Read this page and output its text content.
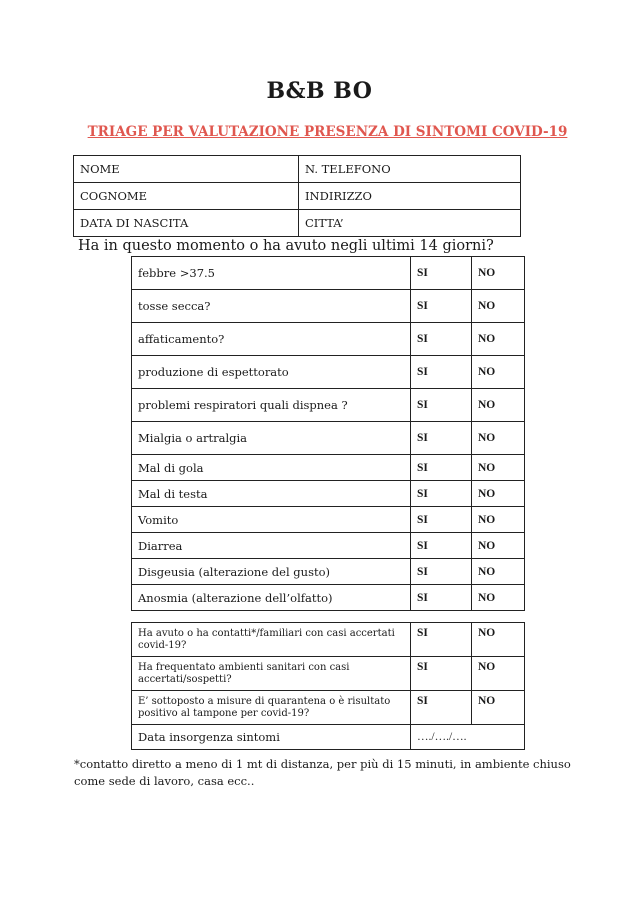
B&B BO
TRIAGE PER VALUTAZIONE PRESENZA DI SINTOMI COVID-19
NOME	N. TELEFONO
COGNOME	INDIRIZZO
DATA DI NASCITA	CITTA’
Ha in questo momento o ha avuto negli ultimi 14 giorni?
febbre >37.5	SI	NO
tosse secca?	SI	NO
affaticamento?	SI	NO
produzione di espettorato	SI	NO
problemi respiratori quali dispnea ?	SI	NO
Mialgia o artralgia	SI	NO
Mal di gola	SI	NO
Mal di testa	SI	NO
Vomito	SI	NO
Diarrea	SI	NO
Disgeusia (alterazione del gusto)	SI	NO
Anosmia (alterazione dell’olfatto)	SI	NO
Ha avuto o ha contatti*/familiari con casi accertati covid-19?	SI	NO
Ha frequentato ambienti sanitari con casi accertati/sospetti?	SI	NO
E’ sottoposto a misure di quarantena o è risultato positivo al tampone per covid-19?	SI	NO
Data insorgenza sintomi	…./…./….	
*contatto diretto a meno di 1 mt di distanza, per più di 15 minuti, in ambiente chiuso come sede di lavoro, casa ecc..
